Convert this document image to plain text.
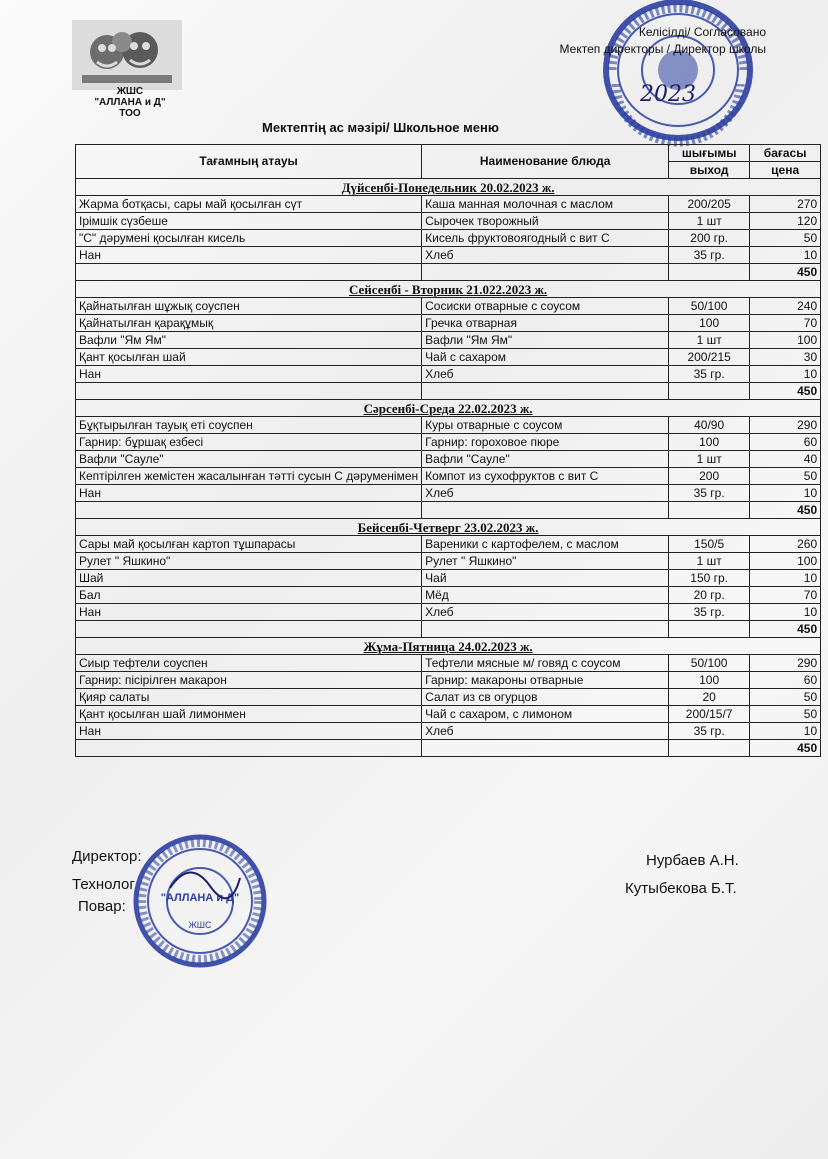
ЖШС
"АЛЛАНА и Д"
ТОО
Келісілді/ Согласовано
Мектеп директоры / Директор школы
2023
Мектептің ас мәзірі/ Школьное меню
Тағамның атауы	Наименование блюда	шығымы	бағасы
		выход	цена
Дүйсенбі-Понедельник 20.02.2023 ж.			
Жарма ботқасы, сары май қосылған сүт	Каша манная молочная с маслом	200/205	270
Ірімшік сүзбеше	Сырочек творожный	1 шт	120
"С" дәрумені қосылған кисель	Кисель фруктовоягодный с вит С	200 гр.	50
Нан	Хлеб	35 гр.	10
			450
Сейсенбі - Вторник 21.022.2023 ж.			
Қайнатылған шұжық соуспен	Сосиски отварные с соусом	50/100	240
Қайнатылған қарақұмық	Гречка отварная	100	70
Вафли "Ям Ям"	Вафли "Ям Ям"	1 шт	100
Қант қосылған шай	Чай с сахаром	200/215	30
Нан	Хлеб	35 гр.	10
			450
Сәрсенбі-Среда 22.02.2023 ж.			
Бұқтырылған тауық еті соуспен	Куры отварные с соусом	40/90	290
Гарнир: бұршақ езбесі	Гарнир: гороховое пюре	100	60
Вафли "Сауле"	Вафли "Сауле"	1 шт	40
Кептірілген жемістен жасалынған тәтті сусын С дәруменімен	Компот из сухофруктов с вит С	200	50
Нан	Хлеб	35 гр.	10
			450
Бейсенбі-Четверг 23.02.2023 ж.			
Сары май қосылған картоп тұшпарасы	Вареники с картофелем, с маслом	150/5	260
Рулет " Яшкино"	Рулет " Яшкино"	1 шт	100
Шай	Чай	150 гр.	10
Бал	Мёд	20 гр.	70
Нан	Хлеб	35 гр.	10
			450
Жұма-Пятница 24.02.2023 ж.			
Сиыр тефтели соуспен	Тефтели мясные м/ говяд с соусом	50/100	290
Гарнир: пісірілген макарон	Гарнир: макароны отварные	100	60
Қияр салаты	Салат из св огурцов	20	50
Қант қосылған шай лимонмен	Чай с сахаром, с лимоном	200/15/7	50
Нан	Хлеб	35 гр.	10
			450
"АЛЛАНА и Д"
ЖШС
Директор:	Нурбаев А.Н.
Технолог	Кутыбекова Б.Т.
Повар:
